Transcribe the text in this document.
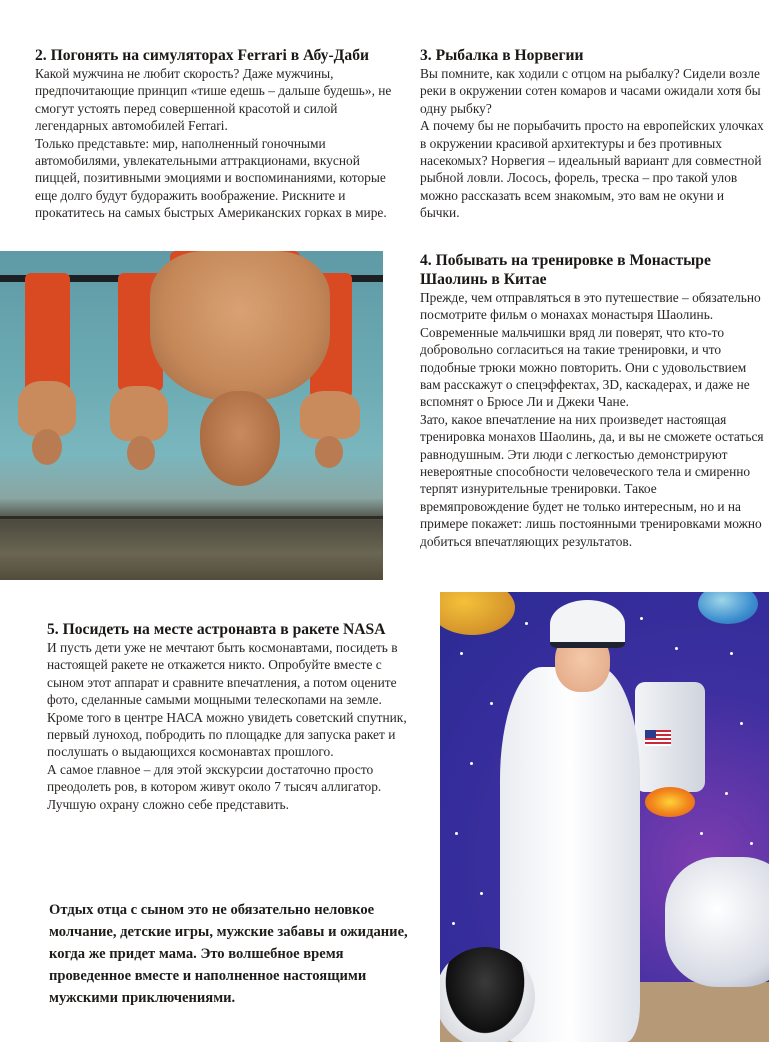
2. Погонять на симуляторах Ferrari в Абу-Даби

Какой мужчина не любит скорость? Даже мужчины, предпочитающие принцип «тише едешь – дальше будешь», не смогут устоять перед совершенной красотой и силой легендарных автомобилей Ferrari.

Только представьте: мир, наполненный гоночными автомобилями, увлекательными аттракционами, вкусной пиццей, позитивными эмоциями и воспоминаниями, которые еще долго будут будоражить воображение. Рискните и прокатитесь на самых быстрых Американских горках в мире.

3. Рыбалка в Норвегии

Вы помните, как ходили с отцом на рыбалку? Сидели возле реки в окружении сотен комаров и часами ожидали хотя бы одну рыбку?

А почему бы не порыбачить просто на европейских улочках в окружении красивой архитектуры и без противных насекомых? Норвегия – идеальный вариант для совместной рыбной ловли. Лосось, форель, треска – про такой улов можно рассказать всем знакомым, это вам не окуни и бычки.

4. Побывать на тренировке в Монастыре Шаолинь в Китае

Прежде, чем отправляться в это путешествие – обязательно посмотрите фильм о монахах монастыря Шаолинь. Современные мальчишки вряд ли поверят, что кто-то добровольно согласиться на такие тренировки, и что подобные трюки можно повторить. Они с удовольствием вам расскажут о спецэффектах, 3D, каскадерах, и даже не вспомнят о Брюсе Ли и Джеки Чане.

Зато, какое впечатление на них произведет настоящая тренировка монахов Шаолинь, да, и вы не сможете остаться равнодушным. Эти люди с легкостью демонстрируют невероятные способности человеческого тела и смиренно терпят изнурительные тренировки. Такое времяпровождение будет не только интересным, но и на примере покажет: лишь постоянными тренировками можно добиться впечатляющих результатов.

5. Посидеть на месте астронавта в ракете NASA

И пусть дети уже не мечтают быть космонавтами, посидеть в настоящей ракете не откажется никто. Опробуйте вместе с сыном этот аппарат и сравните впечатления, а потом оцените фото, сделанные самыми мощными телескопами на земле.

Кроме того в центре НАСА можно увидеть советский спутник, первый луноход, побродить по площадке для запуска ракет и послушать о выдающихся космонавтах прошлого.

А самое главное – для этой экскурсии достаточно просто преодолеть ров, в котором живут около 7 тысяч аллигатор. Лучшую охрану сложно себе представить.

Отдых отца с сыном это не обязательно неловкое молчание, детские игры, мужские забавы и ожидание, когда же придет мама. Это волшебное время проведенное вместе и наполненное настоящими мужскими приключениями.
